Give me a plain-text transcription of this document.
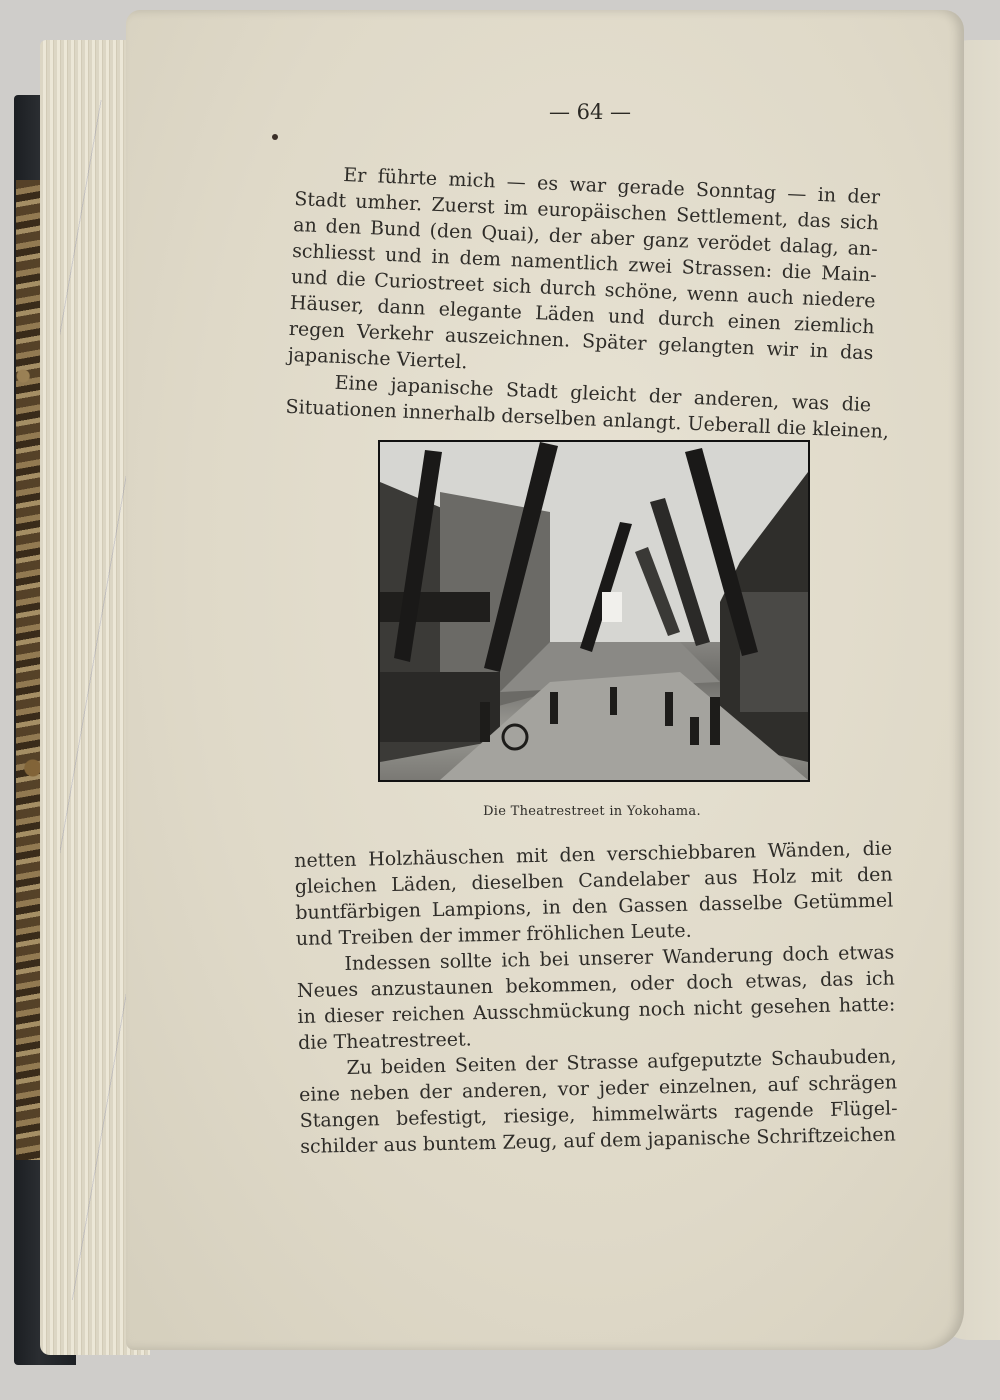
— 64 —
Er führte mich — es war gerade Sonntag — in der
Stadt umher. Zuerst im europäischen Settlement, das sich
an den Bund (den Quai), der aber ganz verödet dalag, an-
schliesst und in dem namentlich zwei Strassen: die Main-
und die Curiostreet sich durch schöne, wenn auch niedere
Häuser, dann elegante Läden und durch einen ziemlich
regen Verkehr auszeichnen. Später gelangten wir in das
japanische Viertel.
Eine japanische Stadt gleicht der anderen, was die
Situationen innerhalb derselben anlangt. Ueberall die kleinen,
Die Theatrestreet in Yokohama.
netten Holzhäuschen mit den verschiebbaren Wänden, die
gleichen Läden, dieselben Candelaber aus Holz mit den
buntfärbigen Lampions, in den Gassen dasselbe Getümmel
und Treiben der immer fröhlichen Leute.
Indessen sollte ich bei unserer Wanderung doch etwas
Neues anzustaunen bekommen, oder doch etwas, das ich
in dieser reichen Ausschmückung noch nicht gesehen hatte:
die Theatrestreet.
Zu beiden Seiten der Strasse aufgeputzte Schaubuden,
eine neben der anderen, vor jeder einzelnen, auf schrägen
Stangen befestigt, riesige, himmelwärts ragende Flügel-
schilder aus buntem Zeug, auf dem japanische Schriftzeichen
